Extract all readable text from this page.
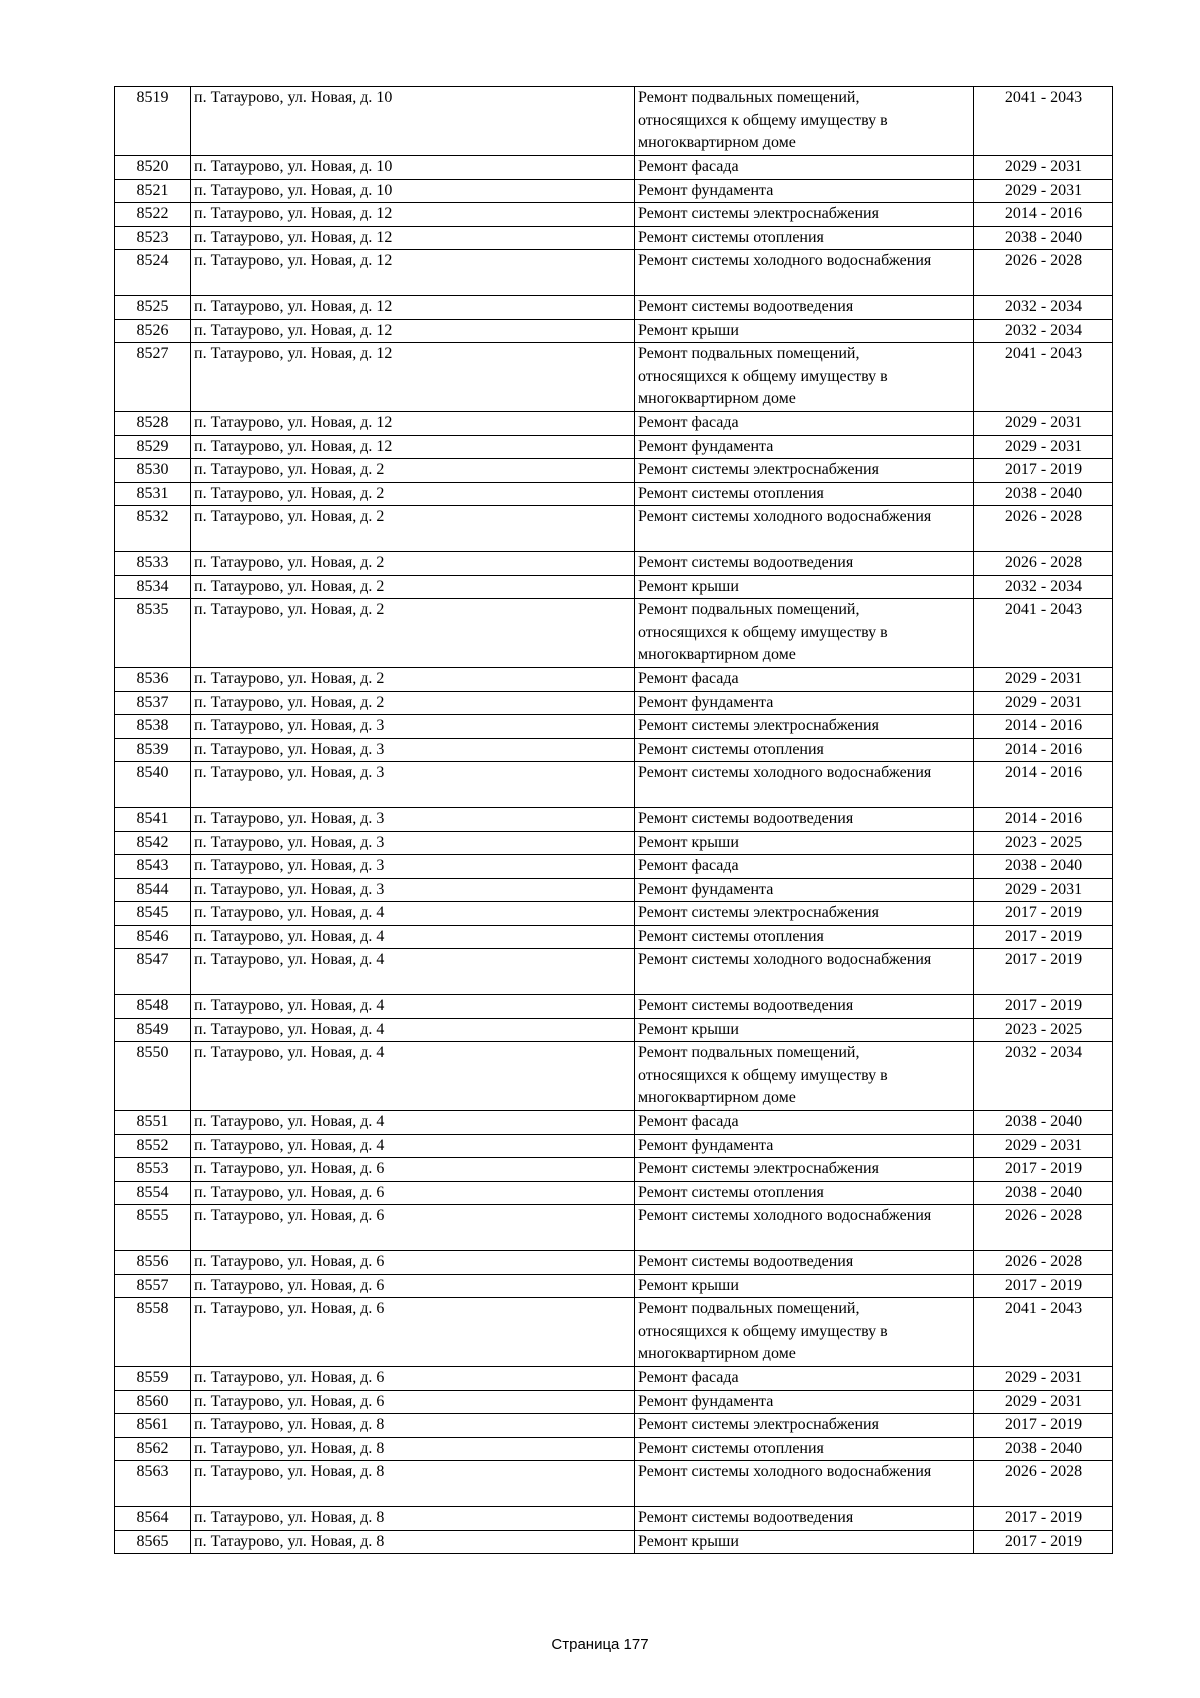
8519	п. Татаурово, ул. Новая, д. 10	Ремонт подвальных помещений,
относящихся к общему имуществу в
многоквартирном доме	2041 - 2043
8520	п. Татаурово, ул. Новая, д. 10	Ремонт фасада	2029 - 2031
8521	п. Татаурово, ул. Новая, д. 10	Ремонт фундамента	2029 - 2031
8522	п. Татаурово, ул. Новая, д. 12	Ремонт системы электроснабжения	2014 - 2016
8523	п. Татаурово, ул. Новая, д. 12	Ремонт системы отопления	2038 - 2040
8524	п. Татаурово, ул. Новая, д. 12	Ремонт системы холодного водоснабжения	2026 - 2028
8525	п. Татаурово, ул. Новая, д. 12	Ремонт системы водоотведения	2032 - 2034
8526	п. Татаурово, ул. Новая, д. 12	Ремонт крыши	2032 - 2034
8527	п. Татаурово, ул. Новая, д. 12	Ремонт подвальных помещений,
относящихся к общему имуществу в
многоквартирном доме	2041 - 2043
8528	п. Татаурово, ул. Новая, д. 12	Ремонт фасада	2029 - 2031
8529	п. Татаурово, ул. Новая, д. 12	Ремонт фундамента	2029 - 2031
8530	п. Татаурово, ул. Новая, д. 2	Ремонт системы электроснабжения	2017 - 2019
8531	п. Татаурово, ул. Новая, д. 2	Ремонт системы отопления	2038 - 2040
8532	п. Татаурово, ул. Новая, д. 2	Ремонт системы холодного водоснабжения	2026 - 2028
8533	п. Татаурово, ул. Новая, д. 2	Ремонт системы водоотведения	2026 - 2028
8534	п. Татаурово, ул. Новая, д. 2	Ремонт крыши	2032 - 2034
8535	п. Татаурово, ул. Новая, д. 2	Ремонт подвальных помещений,
относящихся к общему имуществу в
многоквартирном доме	2041 - 2043
8536	п. Татаурово, ул. Новая, д. 2	Ремонт фасада	2029 - 2031
8537	п. Татаурово, ул. Новая, д. 2	Ремонт фундамента	2029 - 2031
8538	п. Татаурово, ул. Новая, д. 3	Ремонт системы электроснабжения	2014 - 2016
8539	п. Татаурово, ул. Новая, д. 3	Ремонт системы отопления	2014 - 2016
8540	п. Татаурово, ул. Новая, д. 3	Ремонт системы холодного водоснабжения	2014 - 2016
8541	п. Татаурово, ул. Новая, д. 3	Ремонт системы водоотведения	2014 - 2016
8542	п. Татаурово, ул. Новая, д. 3	Ремонт крыши	2023 - 2025
8543	п. Татаурово, ул. Новая, д. 3	Ремонт фасада	2038 - 2040
8544	п. Татаурово, ул. Новая, д. 3	Ремонт фундамента	2029 - 2031
8545	п. Татаурово, ул. Новая, д. 4	Ремонт системы электроснабжения	2017 - 2019
8546	п. Татаурово, ул. Новая, д. 4	Ремонт системы отопления	2017 - 2019
8547	п. Татаурово, ул. Новая, д. 4	Ремонт системы холодного водоснабжения	2017 - 2019
8548	п. Татаурово, ул. Новая, д. 4	Ремонт системы водоотведения	2017 - 2019
8549	п. Татаурово, ул. Новая, д. 4	Ремонт крыши	2023 - 2025
8550	п. Татаурово, ул. Новая, д. 4	Ремонт подвальных помещений,
относящихся к общему имуществу в
многоквартирном доме	2032 - 2034
8551	п. Татаурово, ул. Новая, д. 4	Ремонт фасада	2038 - 2040
8552	п. Татаурово, ул. Новая, д. 4	Ремонт фундамента	2029 - 2031
8553	п. Татаурово, ул. Новая, д. 6	Ремонт системы электроснабжения	2017 - 2019
8554	п. Татаурово, ул. Новая, д. 6	Ремонт системы отопления	2038 - 2040
8555	п. Татаурово, ул. Новая, д. 6	Ремонт системы холодного водоснабжения	2026 - 2028
8556	п. Татаурово, ул. Новая, д. 6	Ремонт системы водоотведения	2026 - 2028
8557	п. Татаурово, ул. Новая, д. 6	Ремонт крыши	2017 - 2019
8558	п. Татаурово, ул. Новая, д. 6	Ремонт подвальных помещений,
относящихся к общему имуществу в
многоквартирном доме	2041 - 2043
8559	п. Татаурово, ул. Новая, д. 6	Ремонт фасада	2029 - 2031
8560	п. Татаурово, ул. Новая, д. 6	Ремонт фундамента	2029 - 2031
8561	п. Татаурово, ул. Новая, д. 8	Ремонт системы электроснабжения	2017 - 2019
8562	п. Татаурово, ул. Новая, д. 8	Ремонт системы отопления	2038 - 2040
8563	п. Татаурово, ул. Новая, д. 8	Ремонт системы холодного водоснабжения	2026 - 2028
8564	п. Татаурово, ул. Новая, д. 8	Ремонт системы водоотведения	2017 - 2019
8565	п. Татаурово, ул. Новая, д. 8	Ремонт крыши	2017 - 2019
Страница 177
